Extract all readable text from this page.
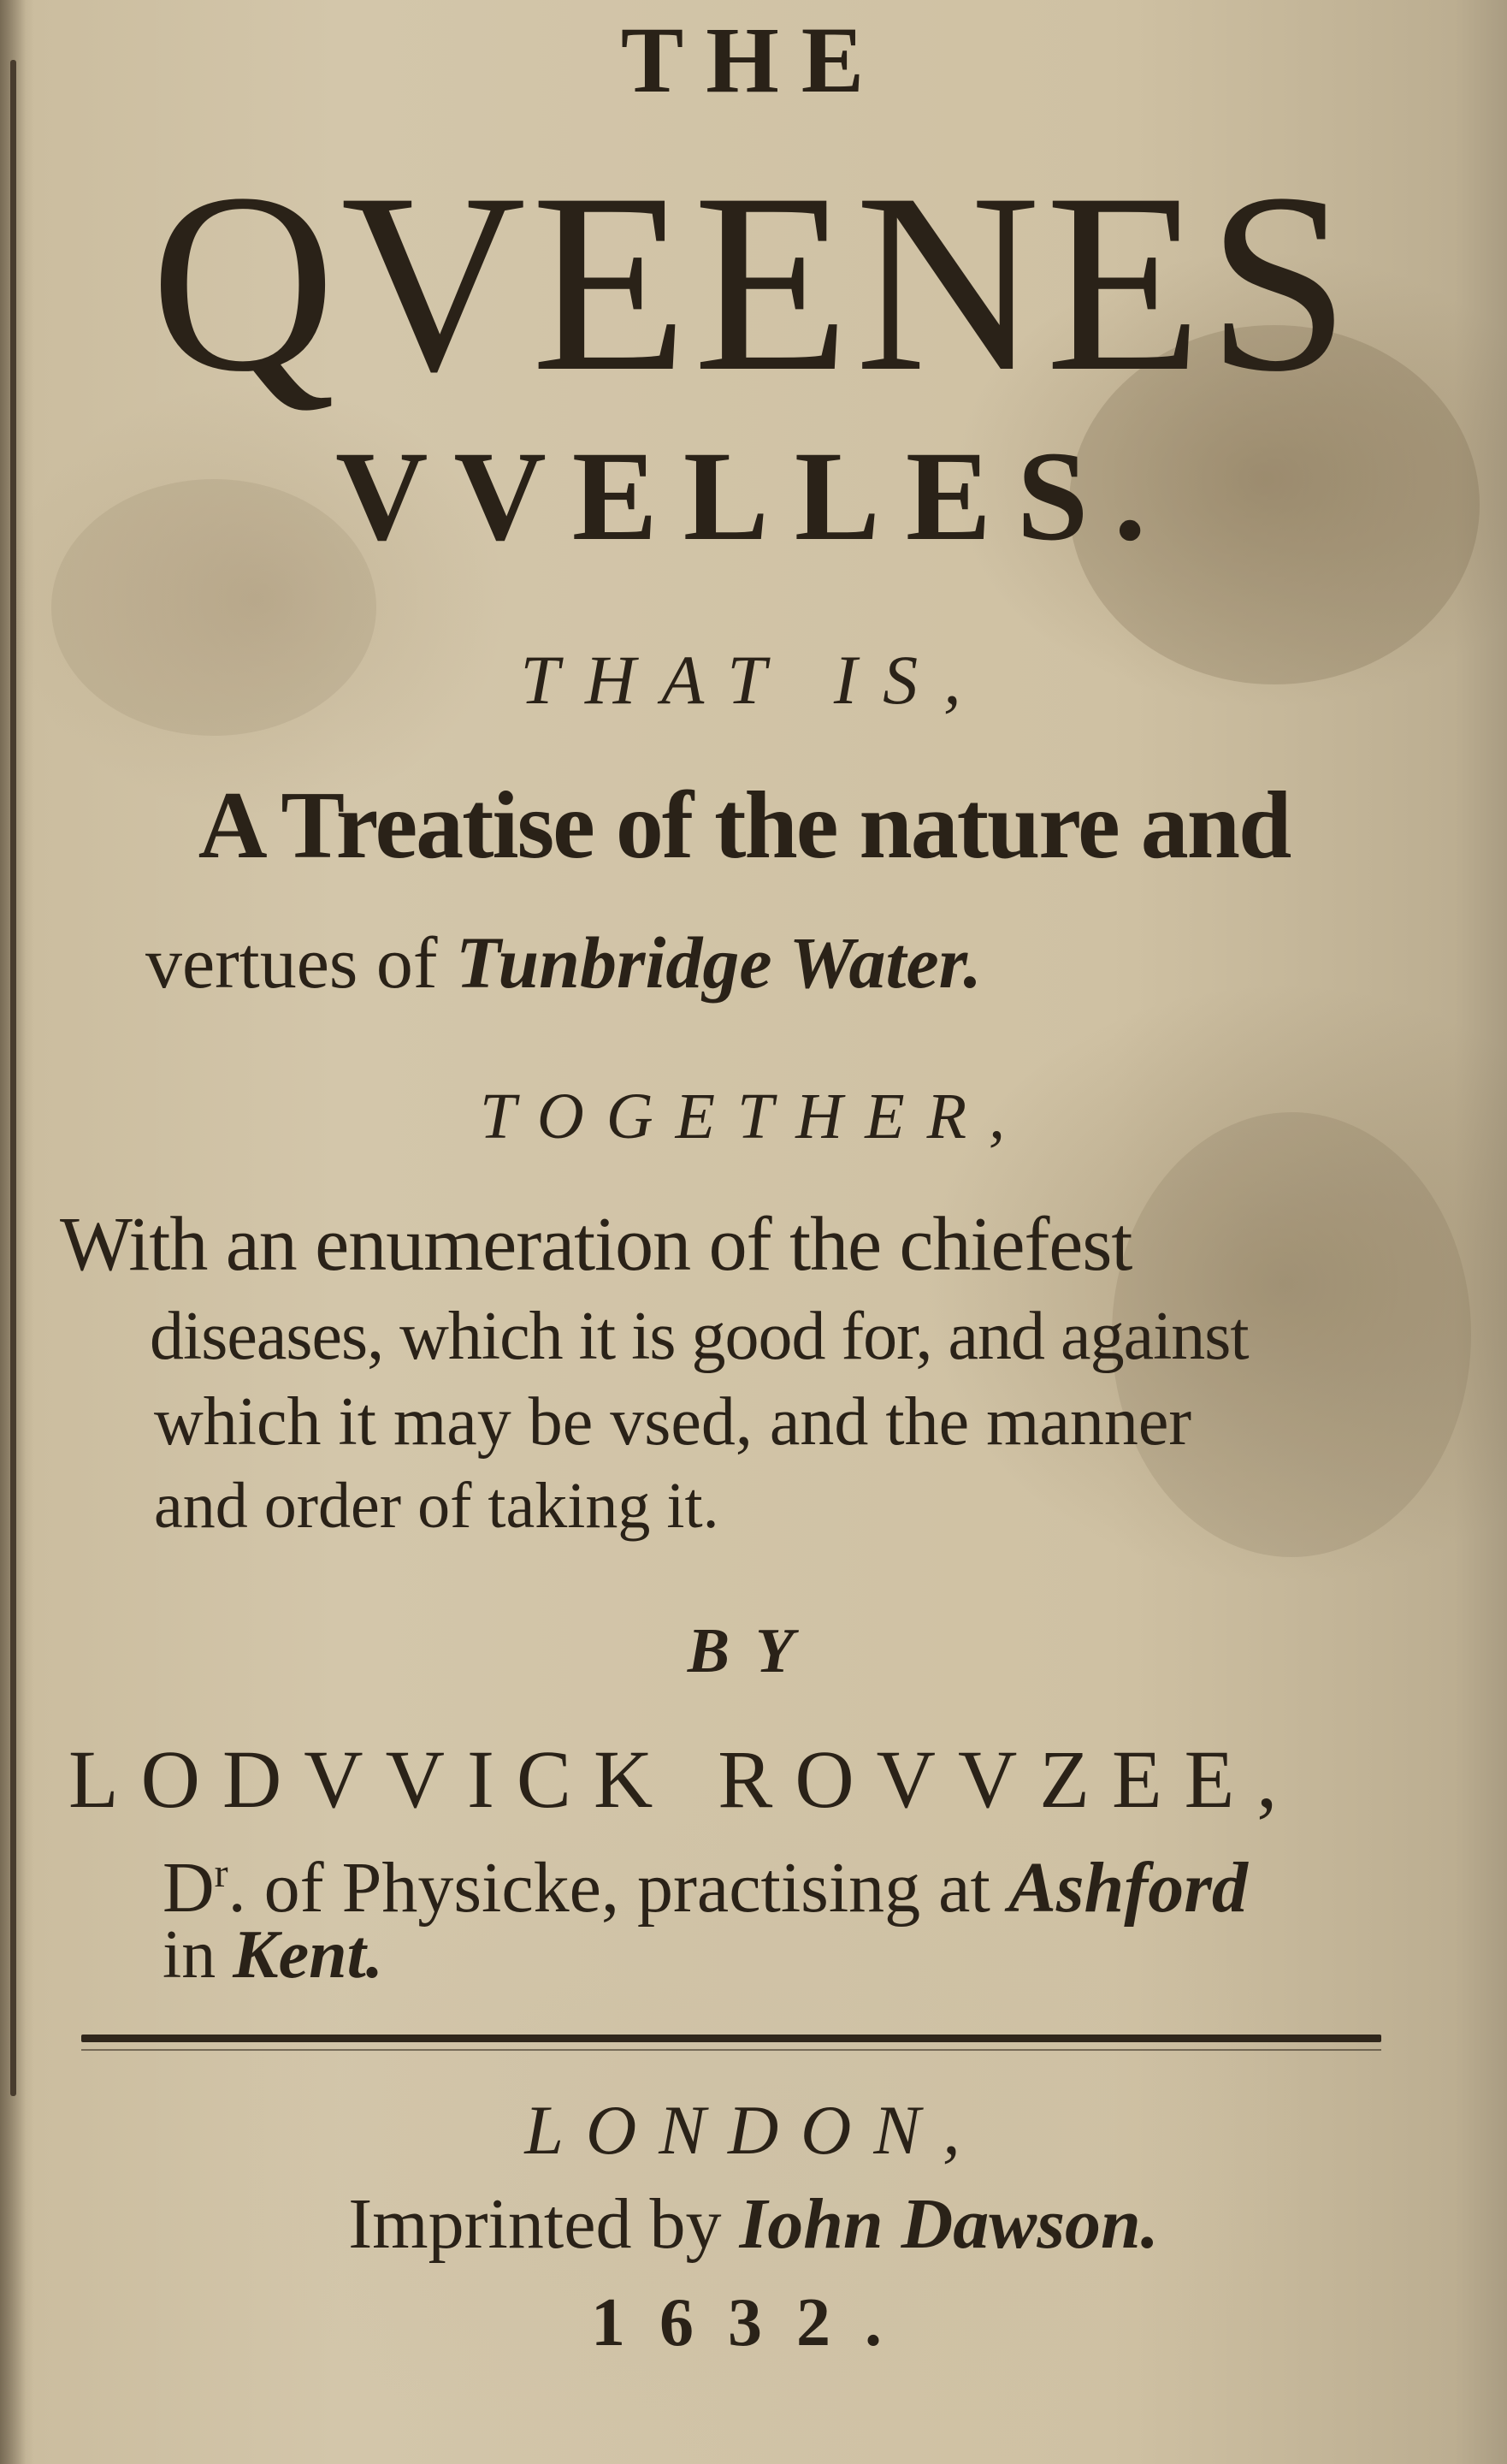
THE
QVEENES
VVELLES.
THAT IS,
A Treatise of the nature and
vertues of Tunbridge Water.
TOGETHER,
With an enumeration of the chiefest
diseases, which it is good for, and against
which it may be vsed, and the manner
and order of taking it.
BY
LODVVICK ROVVZEE,
$D^r$. of Physicke, practising at Ashford
in Kent.
LONDON,
Imprinted by Iohn Dawson.
1632.
